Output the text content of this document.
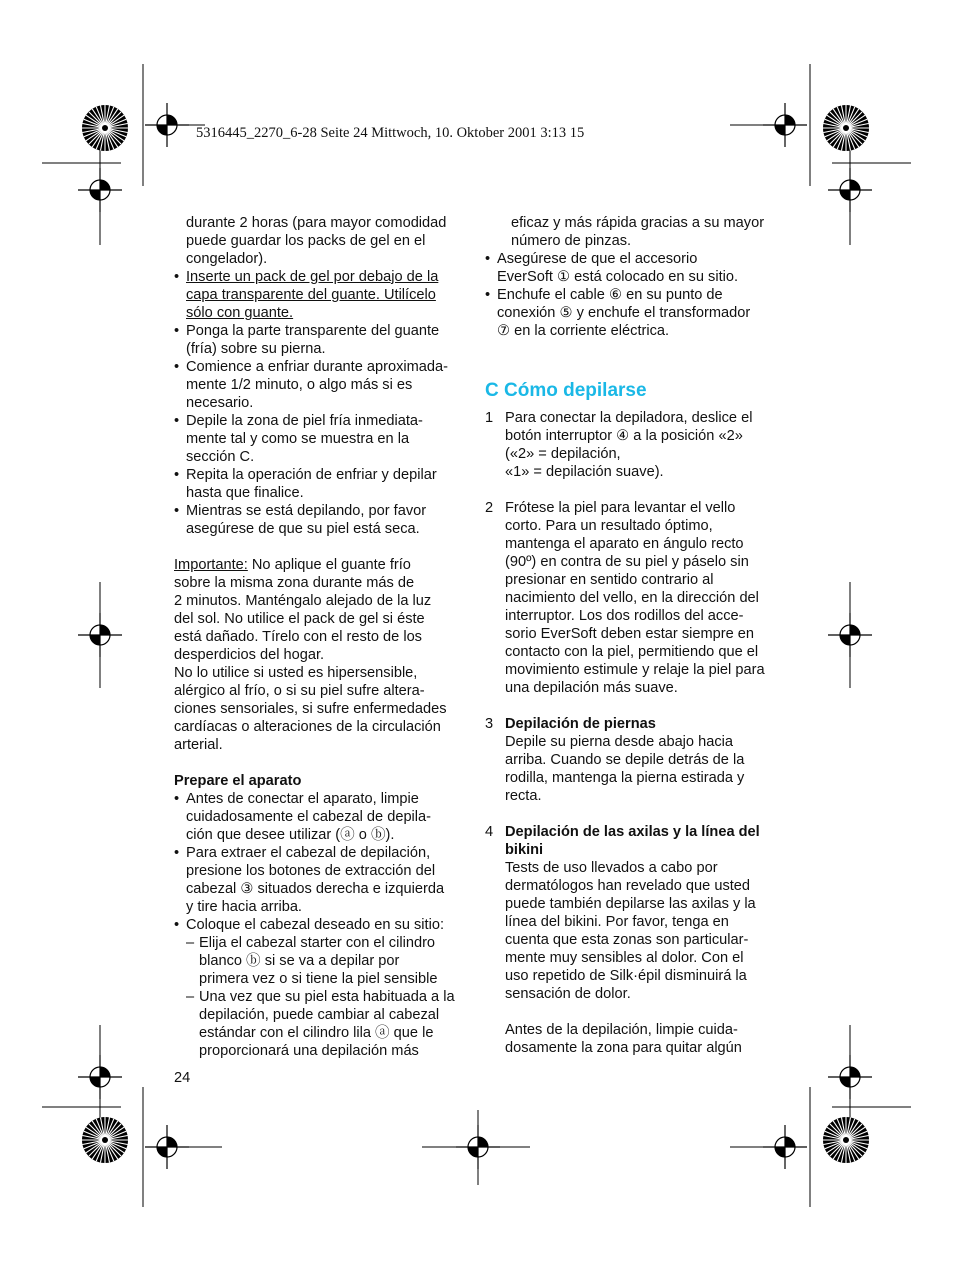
5316445_2270_6-28 Seite 24 Mittwoch, 10. Oktober 2001 3:13 15

durante 2 horas (para mayor comodidad

puede guardar los packs de gel en el

congelador).

• Inserte un pack de gel por debajo de la

capa transparente del guante. Utilícelo

sólo con guante.

• Ponga la parte transparente del guante

(fría) sobre su pierna.

• Comience a enfriar durante aproximada-

mente 1/2 minuto, o algo más si es

necesario.

• Depile la zona de piel fría inmediata-

mente tal y como se muestra en la

sección C.

• Repita la operación de enfriar y depilar

hasta que finalice.

• Mientras se está depilando, por favor

asegúrese de que su piel está seca.

Importante: No aplique el guante frío

sobre la misma zona durante más de

2 minutos. Manténgalo alejado de la luz

del sol. No utilice el pack de gel si éste

está dañado. Tírelo con el resto de los

desperdicios del hogar.

No lo utilice si usted es hipersensible,

alérgico al frío, o si su piel sufre altera-

ciones sensoriales, si sufre enfermedades

cardíacas o alteraciones de la circulación

arterial.

Prepare el aparato

• Antes de conectar el aparato, limpie

cuidadosamente el cabezal de depila-

ción que desee utilizar (ⓐ o ⓑ).

• Para extraer el cabezal de depilación,

presione los botones de extracción del

cabezal ③ situados derecha e izquierda

y tire hacia arriba.

• Coloque el cabezal deseado en su sitio:

– Elija el cabezal starter con el cilindro

blanco ⓑ si se va a depilar por

primera vez o si tiene la piel sensible

– Una vez que su piel esta habituada a la

depilación, puede cambiar al cabezal

estándar con el cilindro lila ⓐ que le

proporcionará una depilación más

eficaz y más rápida gracias a su mayor

número de pinzas.

• Asegúrese de que el accesorio

EverSoft ① está colocado en su sitio.

• Enchufe el cable ⑥ en su punto de

conexión ⑤ y enchufe el transformador

⑦ en la corriente eléctrica.

C Cómo depilarse

1 Para conectar la depiladora, deslice el

botón interruptor ④ a la posición «2»

(«2» = depilación,

«1» = depilación suave).

2 Frótese la piel para levantar el vello

corto. Para un resultado óptimo,

mantenga el aparato en ángulo recto

(90º) en contra de su piel y páselo sin

presionar en sentido contrario al

nacimiento del vello, en la dirección del

interruptor. Los dos rodillos del acce-

sorio EverSoft deben estar siempre en

contacto con la piel, permitiendo que el

movimiento estimule y relaje la piel para

una depilación más suave.

3 Depilación de piernas

Depile su pierna desde abajo hacia

arriba. Cuando se depile detrás de la

rodilla, mantenga la pierna estirada y

recta.

4 Depilación de las axilas y la línea del

bikini

Tests de uso llevados a cabo por

dermatólogos han revelado que usted

puede también depilarse las axilas y la

línea del bikini. Por favor, tenga en

cuenta que esta zonas son particular-

mente muy sensibles al dolor. Con el

uso repetido de Silk·épil disminuirá la

sensación de dolor.

Antes de la depilación, limpie cuida-

dosamente la zona para quitar algún

24
